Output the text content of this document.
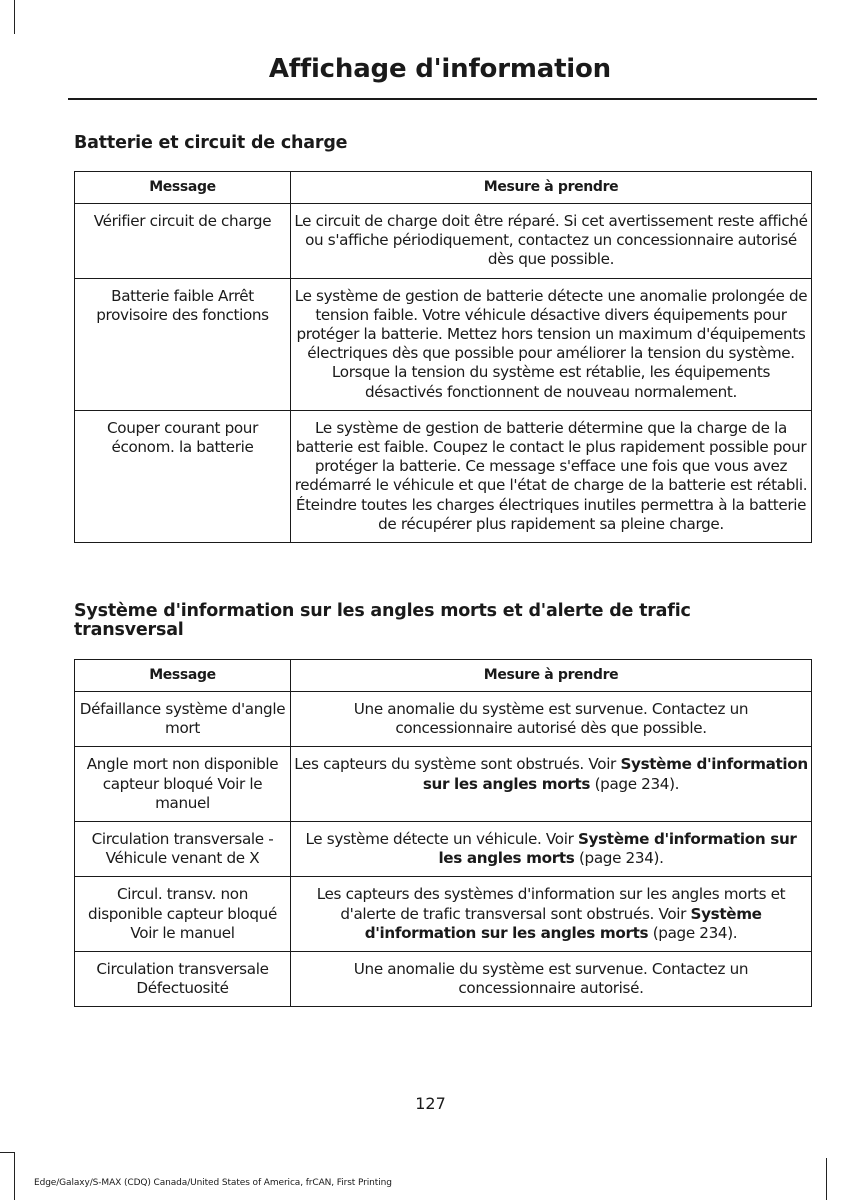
Affichage d'information
Batterie et circuit de charge
Message	Mesure à prendre
Vérifier circuit de charge	Le circuit de charge doit être réparé. Si cet avertissement reste affiché ou s'affiche périodiquement, contactez un concessionnaire autorisé dès que possible.
Batterie faible Arrêt provisoire des fonctions	Le système de gestion de batterie détecte une anomalie prolongée de tension faible. Votre véhicule désactive divers équipements pour protéger la batterie. Mettez hors tension un maximum d'équipements électriques dès que possible pour améliorer la tension du système. Lorsque la tension du système est rétablie, les équipements désactivés fonctionnent de nouveau normalement.
Couper courant pour économ. la batterie	Le système de gestion de batterie détermine que la charge de la batterie est faible. Coupez le contact le plus rapidement possible pour protéger la batterie. Ce message s'efface une fois que vous avez redémarré le véhicule et que l'état de charge de la batterie est rétabli. Éteindre toutes les charges électriques inutiles permettra à la batterie de récupérer plus rapidement sa pleine charge.
Système d'information sur les angles morts et d'alerte de trafic transversal
Message	Mesure à prendre
Défaillance système d'angle mort	Une anomalie du système est survenue. Contactez un concessionnaire autorisé dès que possible.
Angle mort non disponible capteur bloqué Voir le manuel	Les capteurs du système sont obstrués. Voir Système d'information sur les angles morts (page 234).
Circulation transversale - Véhicule venant de X	Le système détecte un véhicule. Voir Système d'information sur les angles morts (page 234).
Circul. transv. non disponible capteur bloqué Voir le manuel	Les capteurs des systèmes d'information sur les angles morts et d'alerte de trafic transversal sont obstrués. Voir Système d'information sur les angles morts (page 234).
Circulation transversale Défectuosité	Une anomalie du système est survenue. Contactez un concessionnaire autorisé.
127
Edge/Galaxy/S-MAX (CDQ) Canada/United States of America, frCAN, First Printing
